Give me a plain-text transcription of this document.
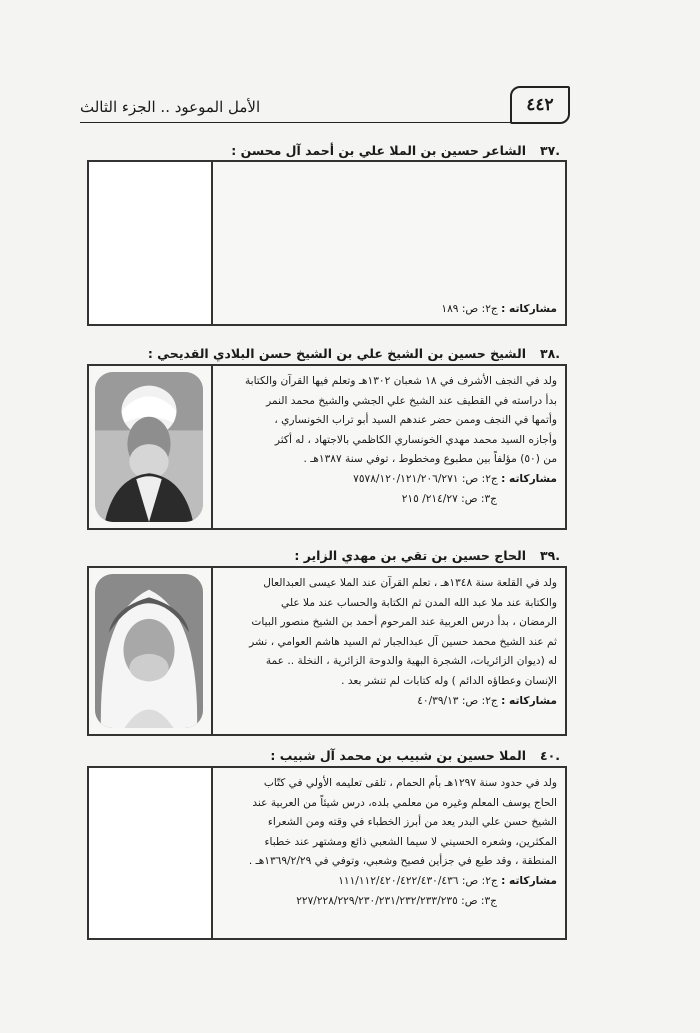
الأمل الموعود .. الجزء الثالث	٤٤٢
.٣٧الشاعر حسين بن الملا علي بن أحمد آل محسن :

مشاركاته : ج٢: ص: ١٨٩

.٣٨الشيخ حسين بن الشيخ علي بن الشيخ حسن البلادي القديحي :

ولد في النجف الأشرف في ١٨ شعبان ١٣٠٢هـ وتعلم فيها القرآن والكتابة

بدأ دراسته في القطيف عند الشيخ علي الجشي والشيخ محمد النمر

وأتمها في النجف وممن حضر عندهم السيد أبو تراب الخونساري ،

وأجازه السيد محمد مهدي الخونساري الكاظمي بالاجتهاد ، له أكثر

من (٥٠) مؤلفاً بين مطبوع ومخطوط ، توفي سنة ١٣٨٧هـ .

مشاركاته : ج٢: ص: ٧٥٧٨/١٢٠/١٢١/٢٠٦/٢٧١

ج٣: ص: ٢١٤/٢٧/ ٢١٥

.٣٩الحاج حسين بن تقي بن مهدي الزاير :

ولد في القلعة سنة ١٣٤٨هـ ، تعلم القرآن عند الملا عيسى العبدالعال

والكتابة عند ملا عبد الله المدن ثم الكتابة والحساب عند ملا علي

الرمضان ، بدأ درس العربية عند المرحوم أحمد بن الشيخ منصور البيات

ثم عند الشيخ محمد حسين آل عبدالجبار ثم السيد هاشم العوامي ، نشر

له (ديوان الزائريات، الشجرة البهية والدوحة الزائرية ، النخلة .. عمة

الإنسان وعطاؤه الدائم ) وله كتابات لم تنشر بعد .

مشاركاته : ج٢: ص: ٤٠/٣٩/١٣

.٤٠الملا حسين بن شبيب بن محمد آل شبيب :

ولد في حدود سنة ١٢٩٧هـ بأم الحمام ، تلقى تعليمه الأولي في كتّاب

الحاج يوسف المعلم وغيره من معلمي بلده، درس شيئاً من العربية عند

الشيخ حسن علي البدر يعد من أبرز الخطباء في وقته ومن الشعراء

المكثرين، وشعره الحسيني لا سيما الشعبي ذائع ومشتهر عند خطباء

المنطقة ، وقد طبع في جزأين فصيح وشعبي، وتوفي في ١٣٦٩/٢/٢٩هـ .

مشاركاته : ج٢: ص: ١١١/١١٢/٤٢٠/٤٢٢/٤٣٠/٤٣٦

ج٣: ص: ٢٢٧/٢٢٨/٢٢٩/٢٣٠/٢٣١/٢٣٢/٢٣٣/٢٣٥
